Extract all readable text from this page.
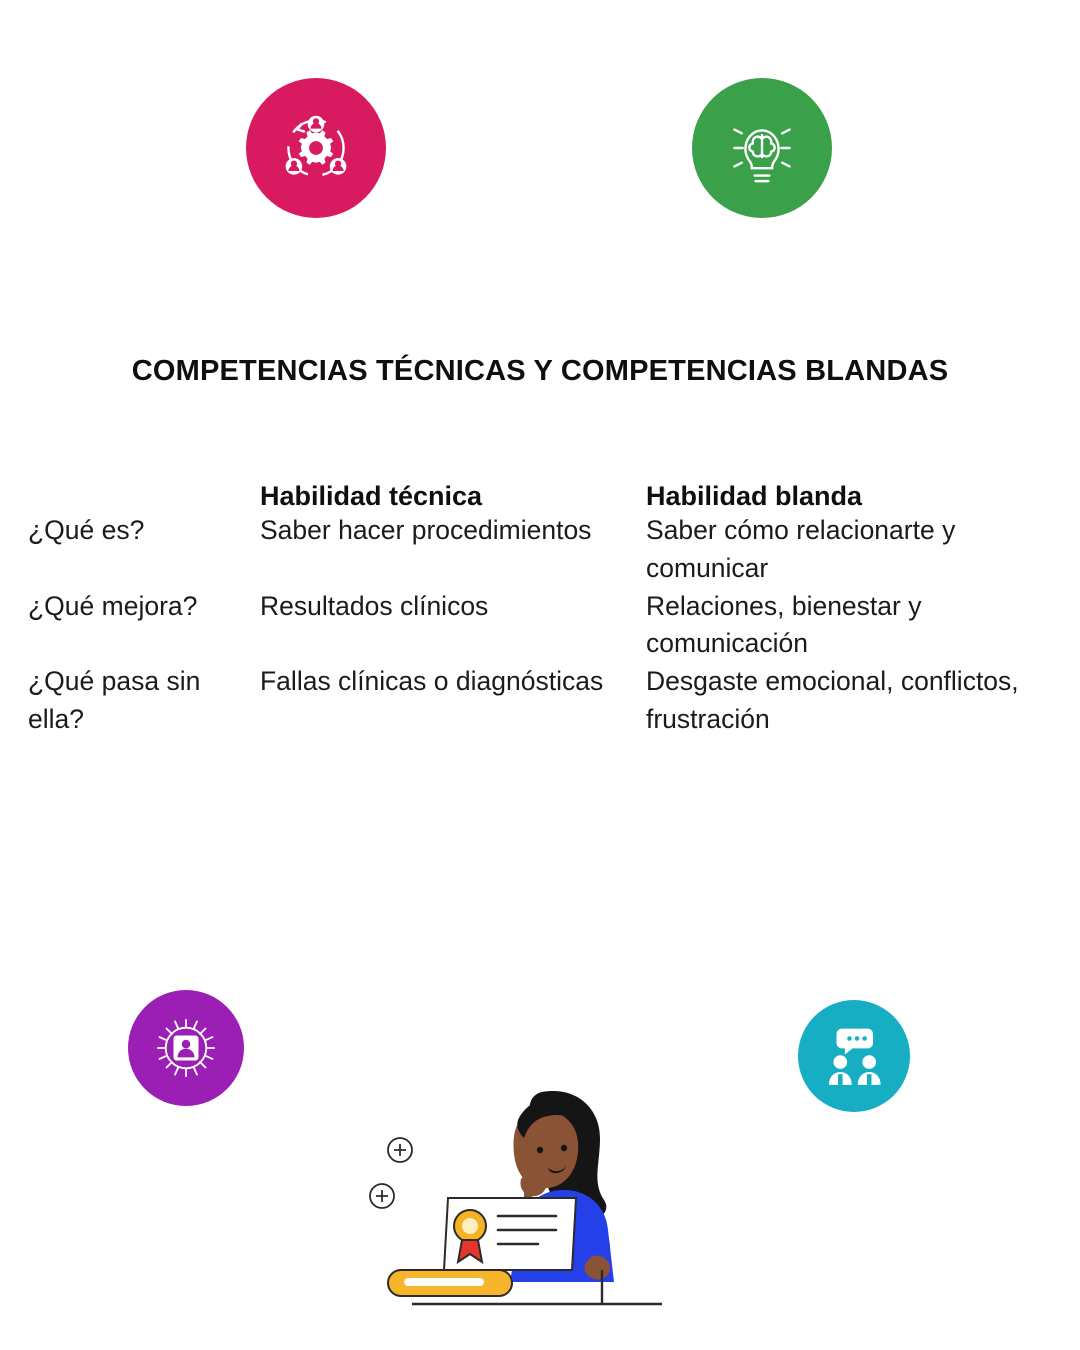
COMPETENCIAS TÉCNICAS Y COMPETENCIAS BLANDAS
	Habilidad técnica	Habilidad blanda
¿Qué es?	Saber hacer procedimientos	Saber cómo relacionarte y comunicar
¿Qué mejora?	Resultados clínicos	Relaciones, bienestar y comunicación
¿Qué pasa sin ella?	Fallas clínicas o diagnósticas	Desgaste emocional, conflictos, frustración
